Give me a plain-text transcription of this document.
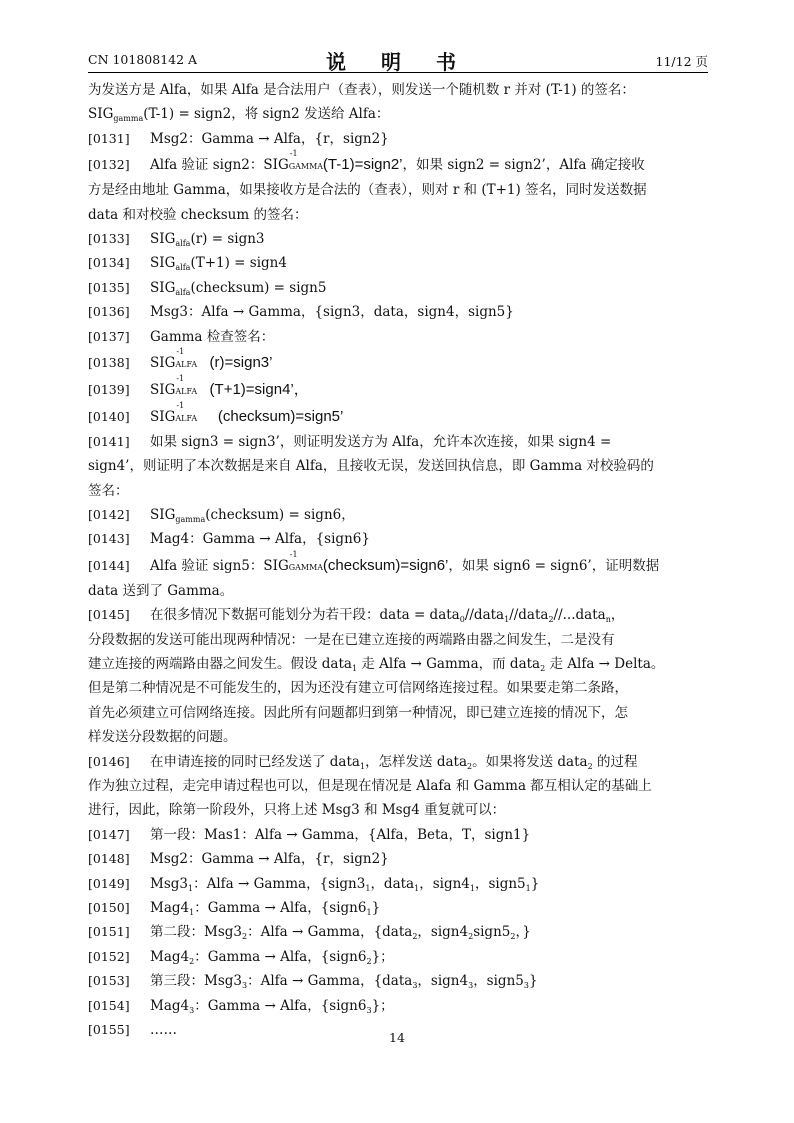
CN 101808142 A	说 明 书	11/12 页
为发送方是 Alfa，如果 Alfa 是合法用户（查表），则发送一个随机数 r 并对 (T-1) 的签名：
$SIG_{gamma}(T-1)$ = sign2，将 sign2 发送给 Alfa：
[0131] Msg2：Gamma → Alfa，{r，sign2}
[0132] Alfa 验证 sign2：SIG
-1
GAMMA
(T-1)=sign2’，如果 sign2 = sign2’，Alfa 确定接收
方是经由地址 Gamma，如果接收方是合法的（查表），则对 r 和 (T+1) 签名，同时发送数据
data 和对校验 checksum 的签名：
[0133] $SIG_{alfa}(r)$ = sign3
[0134] $SIG_{alfa}(T+1)$ = sign4
[0135] $SIG_{alfa}(checksum)$ = sign5
[0136] Msg3：Alfa → Gamma，{sign3，data，sign4，sign5}
[0137] Gamma 检查签名：
[0138] SIG
-1
ALFA (r)=sign3’
[0139] SIG
-1
ALFA (T+1)=sign4’，
[0140] SIG
-1
ALFA (checksum)=sign5’
[0141] 如果 sign3 = sign3’，则证明发送方为 Alfa，允许本次连接，如果 sign4 =
sign4’，则证明了本次数据是来自 Alfa，且接收无误，发送回执信息，即 Gamma 对校验码的
签名：
[0142] $SIG_{gamma}(checksum)$ = sign6，
[0143] Mag4：Gamma → Alfa，{sign6}
[0144] Alfa 验证 sign5：SIG
-1
GAMMA
(checksum)=sign6’，如果 sign6 = sign6’，证明数据
data 送到了 Gamma。
[0145] 在很多情况下数据可能划分为若干段：data = data$_0$//data$_1$//data$_2$//...data$_n$，
分段数据的发送可能出现两种情况：一是在已建立连接的两端路由器之间发生，二是没有
建立连接的两端路由器之间发生。假设 data$_1$ 走 Alfa → Gamma，而 data$_2$ 走 Alfa → Delta。
但是第二种情况是不可能发生的，因为还没有建立可信网络连接过程。如果要走第二条路，
首先必须建立可信网络连接。因此所有问题都归到第一种情况，即已建立连接的情况下，怎
样发送分段数据的问题。
[0146] 在申请连接的同时已经发送了 data$_1$，怎样发送 data$_2$。如果将发送 data$_2$ 的过程
作为独立过程，走完申请过程也可以，但是现在情况是 Alafa 和 Gamma 都互相认定的基础上
进行，因此，除第一阶段外，只将上述 Msg3 和 Msg4 重复就可以：
[0147] 第一段：Mas1：Alfa → Gamma，{Alfa，Beta，T，sign1}
[0148] Msg2：Gamma → Alfa，{r，sign2}
[0149] $Msg3_1$：Alfa → Gamma，{$sign3_1$，data$_1$，$sign4_1$，$sign5_1$}
[0150] $Mag4_1$：Gamma → Alfa，$\{sign6_1\}$
[0151] 第二段：$Msg3_2$：Alfa → Gamma，{data$_2$，$sign4_2sign5_2$，}
[0152] $Mag4_2$：Gamma → Alfa，$\{sign6_2\}$；
[0153] 第三段：$Msg3_3$：Alfa → Gamma，{data$_3$，$sign4_3$，$sign5_3$}
[0154] $Mag4_3$：Gamma → Alfa，$\{sign6_3\}$；
[0155] ……	14
